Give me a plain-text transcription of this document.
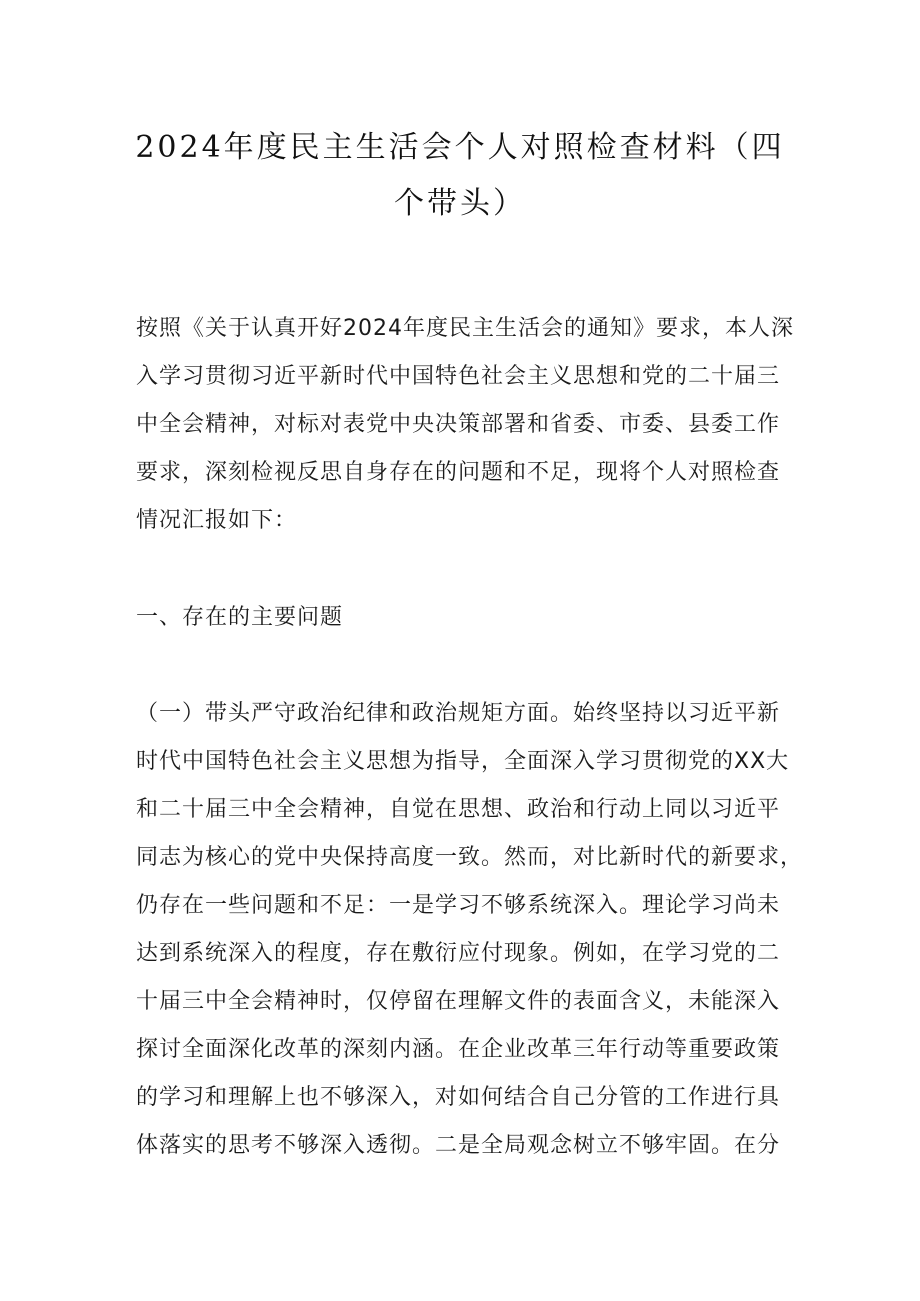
2024年度民主生活会个人对照检查材料（四
个带头）

按照《关于认真开好2024年度民主生活会的通知》要求，本人深
入学习贯彻习近平新时代中国特色社会主义思想和党的二十届三
中全会精神，对标对表党中央决策部署和省委、市委、县委工作
要求，深刻检视反思自身存在的问题和不足，现将个人对照检查
情况汇报如下：

一、存在的主要问题

（一）带头严守政治纪律和政治规矩方面。始终坚持以习近平新
时代中国特色社会主义思想为指导，全面深入学习贯彻党的XX大
和二十届三中全会精神，自觉在思想、政治和行动上同以习近平
同志为核心的党中央保持高度一致。然而，对比新时代的新要求，
仍存在一些问题和不足：一是学习不够系统深入。理论学习尚未
达到系统深入的程度，存在敷衍应付现象。例如，在学习党的二
十届三中全会精神时，仅停留在理解文件的表面含义，未能深入
探讨全面深化改革的深刻内涵。在企业改革三年行动等重要政策
的学习和理解上也不够深入，对如何结合自己分管的工作进行具
体落实的思考不够深入透彻。二是全局观念树立不够牢固。在分
